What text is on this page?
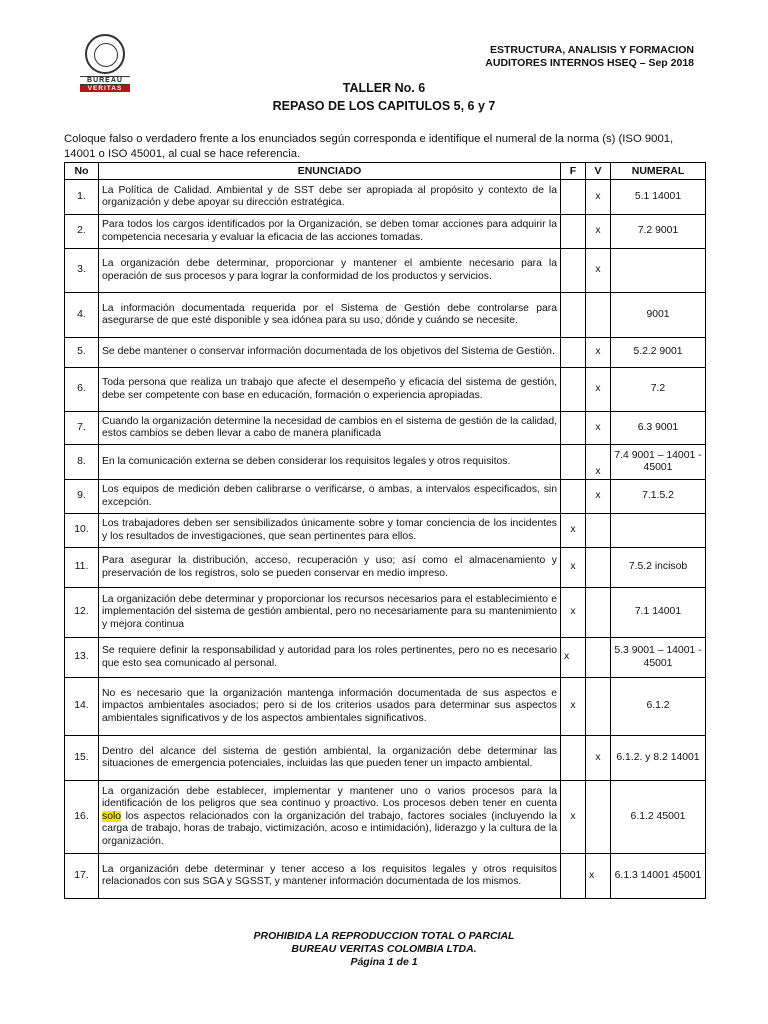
BUREAU
VERITAS
ESTRUCTURA, ANALISIS Y FORMACION
AUDITORES INTERNOS HSEQ – Sep 2018
TALLER No. 6
REPASO DE LOS CAPITULOS 5, 6 y 7
Coloque falso o verdadero frente a los enunciados según corresponda e identifique el numeral de la norma (s) (ISO 9001, 14001 o ISO 45001, al cual se hace referencia.
No	ENUNCIADO	F	V	NUMERAL
1.	La Política de Calidad. Ambiental y de SST debe ser apropiada al propósito y contexto de la organización y debe apoyar su dirección estratégica.		x	5.1 14001
2.	Para todos los cargos identificados por la Organización, se deben tomar acciones para adquirir la competencia necesaria y evaluar la eficacia de las acciones tomadas.		x	7.2 9001
3.	La organización debe determinar, proporcionar y mantener el ambiente necesario para la operación de sus procesos y para lograr la conformidad de los productos y servicios.		x	
4.	La información documentada requerida por el Sistema de Gestión debe controlarse para asegurarse de que esté disponible y sea idónea para su uso, dónde y cuándo se necesite.			9001
5.	Se debe mantener o conservar información documentada de los objetivos del Sistema de Gestión.		x	5.2.2 9001
6.	Toda persona que realiza un trabajo que afecte el desempeño y eficacia del sistema de gestión, debe ser competente con base en educación, formación o experiencia apropiadas.		x	7.2
7.	Cuando la organización determine la necesidad de cambios en el sistema de gestión de la calidad, estos cambios se deben llevar a cabo de manera planificada		x	6.3 9001
8.	En la comunicación externa se deben considerar los requisitos legales y otros requisitos.		x	7.4 9001 – 14001 - 45001
9.	Los equipos de medición deben calibrarse o verificarse, o ambas, a intervalos especificados, sin excepción.		x	7.1.5.2
10.	Los trabajadores deben ser sensibilizados únicamente sobre y tomar conciencia de los incidentes y los resultados de investigaciones, que sean pertinentes para ellos.	x		
11.	Para asegurar la distribución, acceso, recuperación y uso; así como el almacenamiento y preservación de los registros, solo se pueden conservar en medio impreso.	x		7.5.2 incisob
12.	La organización debe determinar y proporcionar los recursos necesarios para el establecimiento e implementación del sistema de gestión ambiental, pero no necesariamente para su mantenimiento y mejora continua	x		7.1 14001
13.	Se requiere definir la responsabilidad y autoridad para los roles pertinentes, pero no es necesario que esto sea comunicado al personal.	x		5.3 9001 – 14001 - 45001
14.	No es necesario que la organización mantenga información documentada de sus aspectos e impactos ambientales asociados; pero si de los criterios usados para determinar sus aspectos ambientales significativos y de los aspectos ambientales significativos.	x		6.1.2
15.	Dentro del alcance del sistema de gestión ambiental, la organización debe determinar las situaciones de emergencia potenciales, incluidas las que pueden tener un impacto ambiental.		x	6.1.2. y 8.2 14001
16.	La organización debe establecer, implementar y mantener uno o varios procesos para la identificación de los peligros que sea continuo y proactivo. Los procesos deben tener en cuenta solo los aspectos relacionados con la organización del trabajo, factores sociales (incluyendo la carga de trabajo, horas de trabajo, victimización, acoso e intimidación), liderazgo y la cultura de la organización.	x		6.1.2 45001
17.	La organización debe determinar y tener acceso a los requisitos legales y otros requisitos relacionados con sus SGA y SGSST, y mantener información documentada de los mismos.		x	6.1.3 14001 45001
PROHIBIDA LA REPRODUCCION TOTAL O PARCIAL
BUREAU VERITAS COLOMBIA LTDA.
Página 1 de 1
